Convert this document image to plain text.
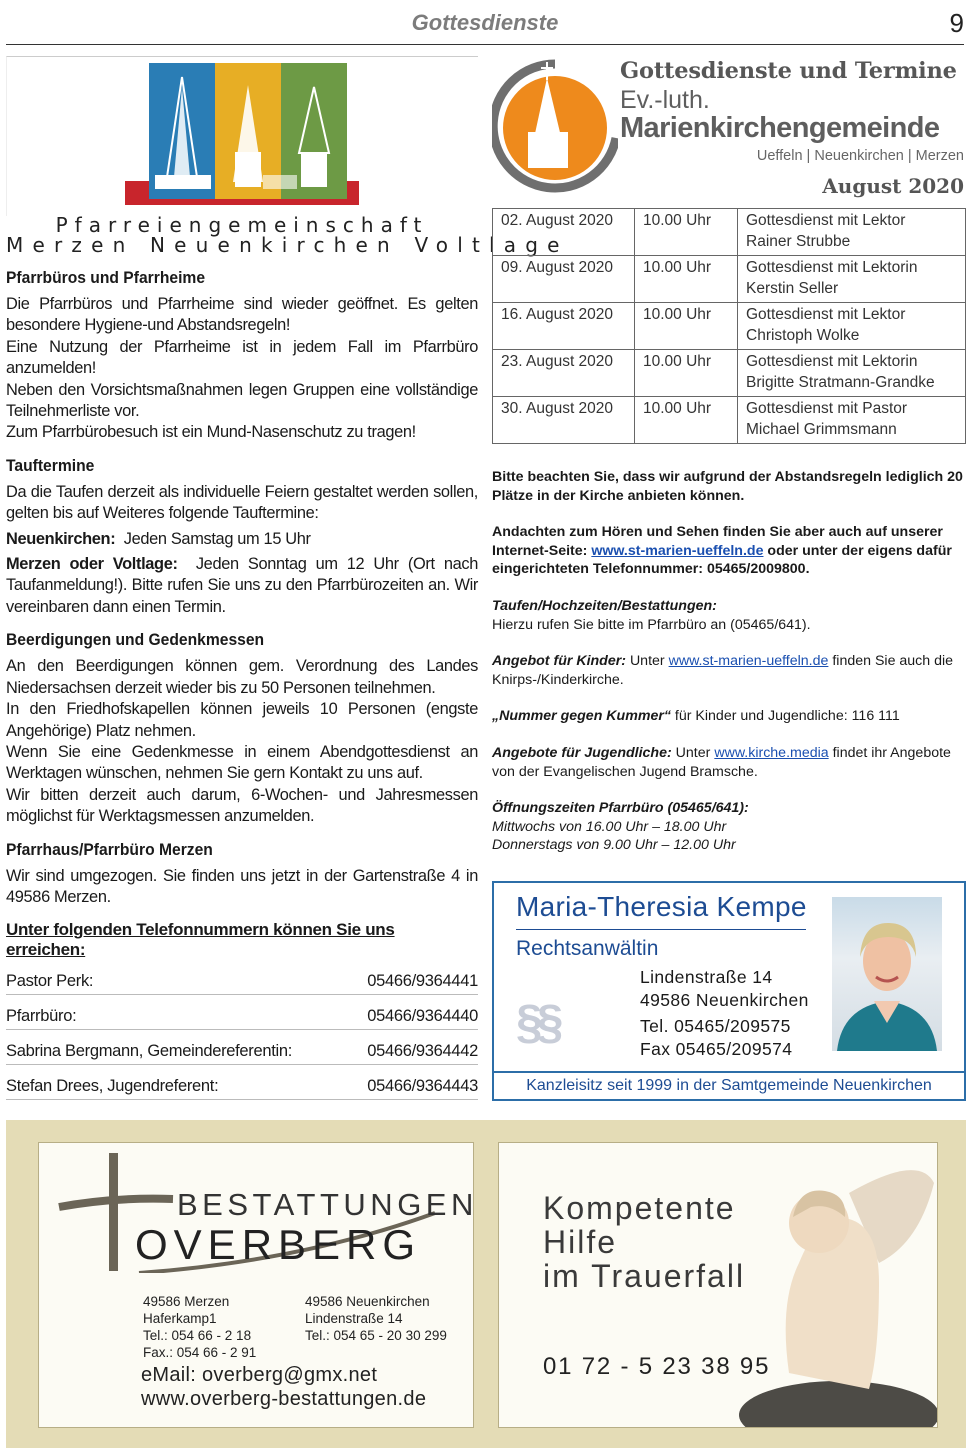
Gottesdienste	9
Pfarreiengemeinschaft
Merzen Neuenkirchen Voltlage
Pfarrbüros und Pfarrheime

Die Pfarrbüros und Pfarrheime sind wieder geöffnet. Es gelten besondere Hygiene-und Abstandsregeln!

Eine Nutzung der Pfarrheime ist in jedem Fall im Pfarrbüro anzumelden!

Neben den Vorsichtsmaßnahmen legen Gruppen eine vollständige Teilnehmerliste vor.

Zum Pfarrbürobesuch ist ein Mund-Nasenschutz zu tragen!

Tauftermine

Da die Taufen derzeit als individuelle Feiern gestaltet werden sollen, gelten bis auf Weiteres folgende Tauftermine:

Neuenkirchen: Jeden Samstag um 15 Uhr

Merzen oder Voltlage: Jeden Sonntag um 12 Uhr (Ort nach Taufanmeldung!). Bitte rufen Sie uns zu den Pfarrbürozeiten an. Wir vereinbaren dann einen Termin.

Beerdigungen und Gedenkmessen

An den Beerdigungen können gem. Verordnung des Landes Niedersachsen derzeit wieder bis zu 50 Personen teilnehmen.

In den Friedhofskapellen können jeweils 10 Personen (engste Angehörige) Platz nehmen.

Wenn Sie eine Gedenkmesse in einem Abendgottesdienst an Werktagen wünschen, nehmen Sie gern Kontakt zu uns auf.

Wir bitten derzeit auch darum, 6-Wochen- und Jahresmessen möglichst für Werktagsmessen anzumelden.

Pfarrhaus/Pfarrbüro Merzen

Wir sind umgezogen. Sie finden uns jetzt in der Gartenstraße 4 in 49586 Merzen.

Unter folgenden Telefonnummern können Sie uns erreichen:
Pastor Perk:	05466/9364441
Pfarrbüro:	05466/9364440
Sabrina Bergmann, Gemeindereferentin:	05466/9364442
Stefan Drees, Jugendreferent:	05466/9364443
Gottesdienste und Termine
Ev.-luth.
Marienkirchengemeinde
Ueffeln | Neuenkirchen | Merzen
August 2020
02. August 2020	10.00 Uhr	Gottesdienst mit Lektor
Rainer Strubbe

09. August 2020	10.00 Uhr	Gottesdienst mit Lektorin
Kerstin Seller

16. August 2020	10.00 Uhr	Gottesdienst mit Lektor
Christoph Wolke

23. August 2020	10.00 Uhr	Gottesdienst mit Lektorin
Brigitte Stratmann-Grandke

30. August 2020	10.00 Uhr	Gottesdienst mit Pastor
Michael Grimmsmann

Bitte beachten Sie, dass wir aufgrund der Abstandsregeln lediglich 20 Plätze in der Kirche anbieten können.

Andachten zum Hören und Sehen finden Sie aber auch auf unserer Internet-Seite: www.st-marien-ueffeln.de oder unter der eigens dafür eingerichteten Telefonnummer: 05465/2009800.

Taufen/Hochzeiten/Bestattungen:
Hierzu rufen Sie bitte im Pfarrbüro an (05465/641).

Angebot für Kinder: Unter www.st-marien-ueffeln.de finden Sie auch die Knirps-/Kinderkirche.

„Nummer gegen Kummer“ für Kinder und Jugendliche: 116 111

Angebote für Jugendliche: Unter www.kirche.media findet ihr Angebote von der Evangelischen Jugend Bramsche.

Öffnungszeiten Pfarrbüro (05465/641):
Mittwochs von 16.00 Uhr – 18.00 Uhr
Donnerstags von 9.00 Uhr – 12.00 Uhr

Maria-Theresia Kempe
Rechtsanwältin
§§
Lindenstraße 14
49586 Neuenkirchen
Tel. 05465/209575
Fax 05465/209574
Kanzleisitz seit 1999 in der Samtgemeinde Neuenkirchen
BESTATTUNGEN
OVERBERG
49586 Merzen
Haferkamp1
Tel.: 054 66 - 2 18
Fax.: 054 66 - 2 91
49586 Neuenkirchen
Lindenstraße 14
Tel.: 054 65 - 20 30 299
eMail: overberg@gmx.net
www.overberg-bestattungen.de
Kompetente
Hilfe
im Trauerfall
01 72 - 5 23 38 95
